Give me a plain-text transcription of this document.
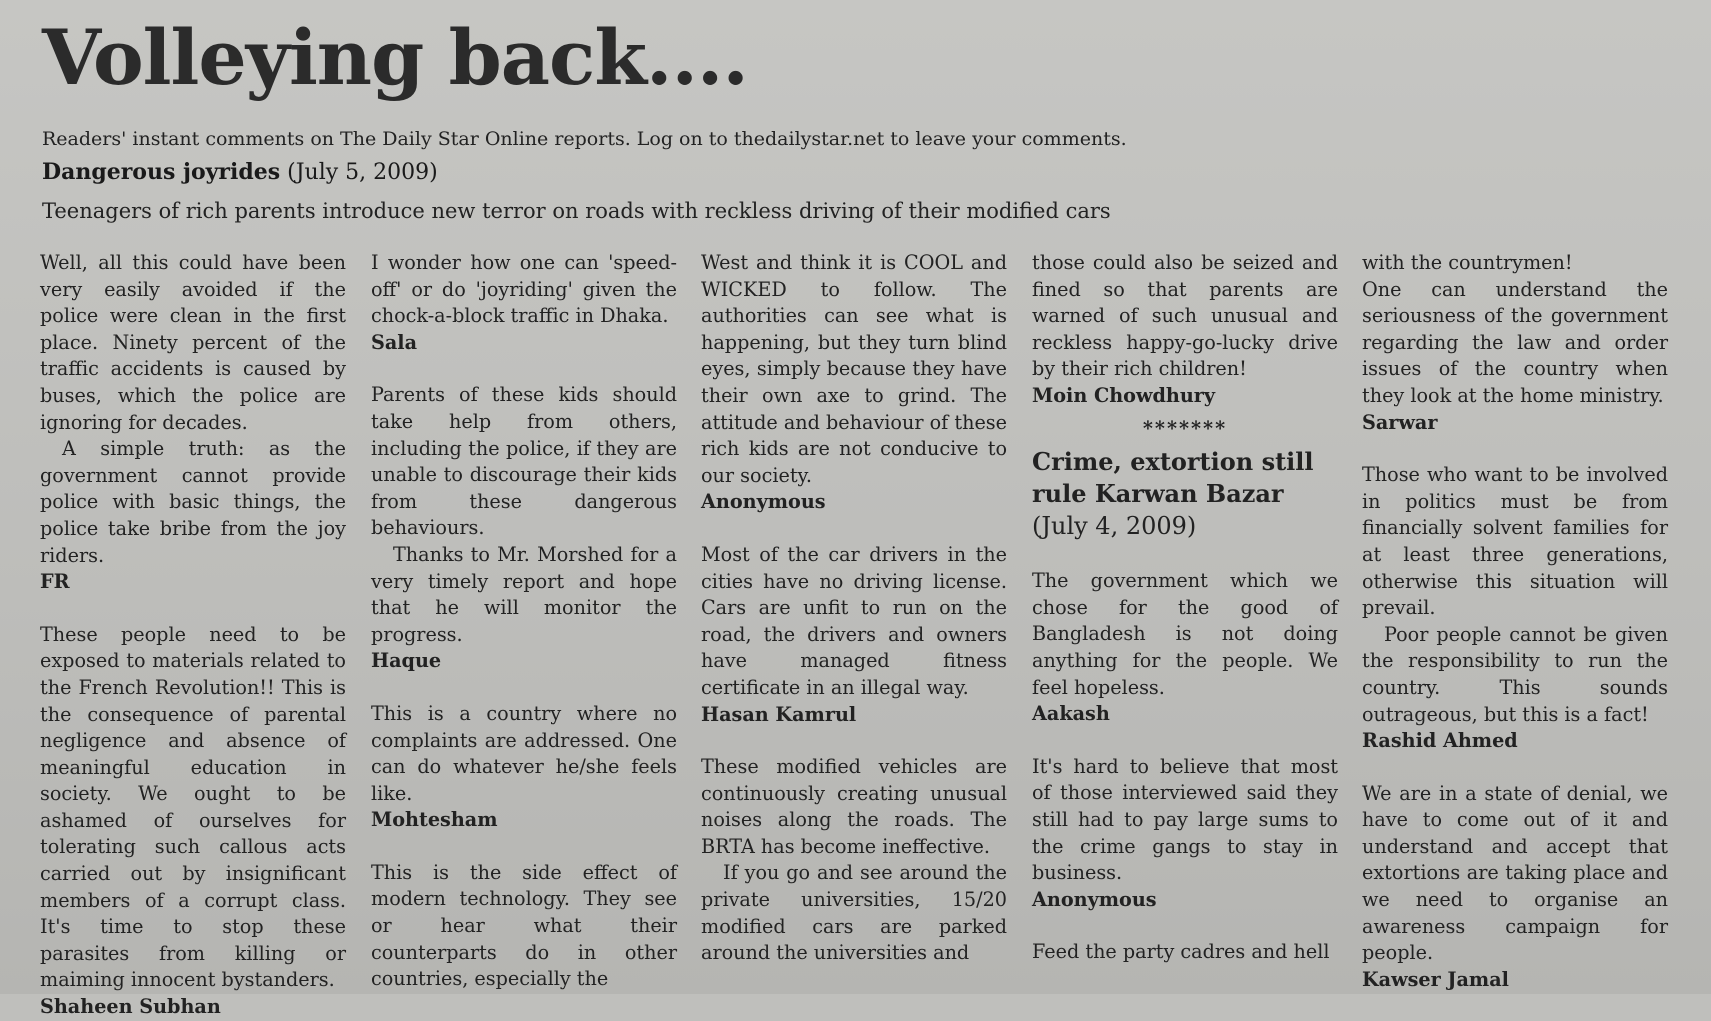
Volleying back....
Readers' instant comments on The Daily Star Online reports. Log on to thedailystar.net to leave your comments.
Dangerous joyrides (July 5, 2009)
Teenagers of rich parents introduce new terror on roads with reckless driving of their modified cars

Well, all this could have been very easily avoided if the police were clean in the first place. Ninety percent of the traffic accidents is caused by buses, which the police are ignoring for decades.

A simple truth: as the government cannot provide police with basic things, the police take bribe from the joy riders.

FR

These people need to be exposed to materials related to the French Revolution!! This is the consequence of parental negligence and absence of meaningful education in society. We ought to be ashamed of ourselves for tolerating such callous acts carried out by insignificant members of a corrupt class. It's time to stop these parasites from killing or maiming innocent bystanders.

Shaheen Subhan

I wonder how one can 'speed-off' or do 'joyriding' given the chock-a-block traffic in Dhaka.

Sala

Parents of these kids should take help from others, including the police, if they are unable to discourage their kids from these dangerous behaviours.

Thanks to Mr. Morshed for a very timely report and hope that he will monitor the progress.

Haque

This is a country where no complaints are addressed. One can do whatever he/she feels like.

Mohtesham

This is the side effect of modern technology. They see or hear what their counterparts do in other countries, especially the

West and think it is COOL and WICKED to follow. The authorities can see what is happening, but they turn blind eyes, simply because they have their own axe to grind. The attitude and behaviour of these rich kids are not conducive to our society.

Anonymous

Most of the car drivers in the cities have no driving license. Cars are unfit to run on the road, the drivers and owners have managed fitness certificate in an illegal way.

Hasan Kamrul

These modified vehicles are continuously creating unusual noises along the roads. The BRTA has become ineffective.

If you go and see around the private universities, 15/20 modified cars are parked around the universities and

those could also be seized and fined so that parents are warned of such unusual and reckless happy-go-lucky drive by their rich children!

Moin Chowdhury

*******
Crime, extortion still rule Karwan Bazar (July 4, 2009)

The government which we chose for the good of Bangladesh is not doing anything for the people. We feel hopeless.

Aakash

It's hard to believe that most of those interviewed said they still had to pay large sums to the crime gangs to stay in business.

Anonymous

Feed the party cadres and hell

with the countrymen!

One can understand the seriousness of the government regarding the law and order issues of the country when they look at the home ministry.

Sarwar

Those who want to be involved in politics must be from financially solvent families for at least three generations, otherwise this situation will prevail.

Poor people cannot be given the responsibility to run the country. This sounds outrageous, but this is a fact!

Rashid Ahmed

We are in a state of denial, we have to come out of it and understand and accept that extortions are taking place and we need to organise an awareness campaign for people.

Kawser Jamal
